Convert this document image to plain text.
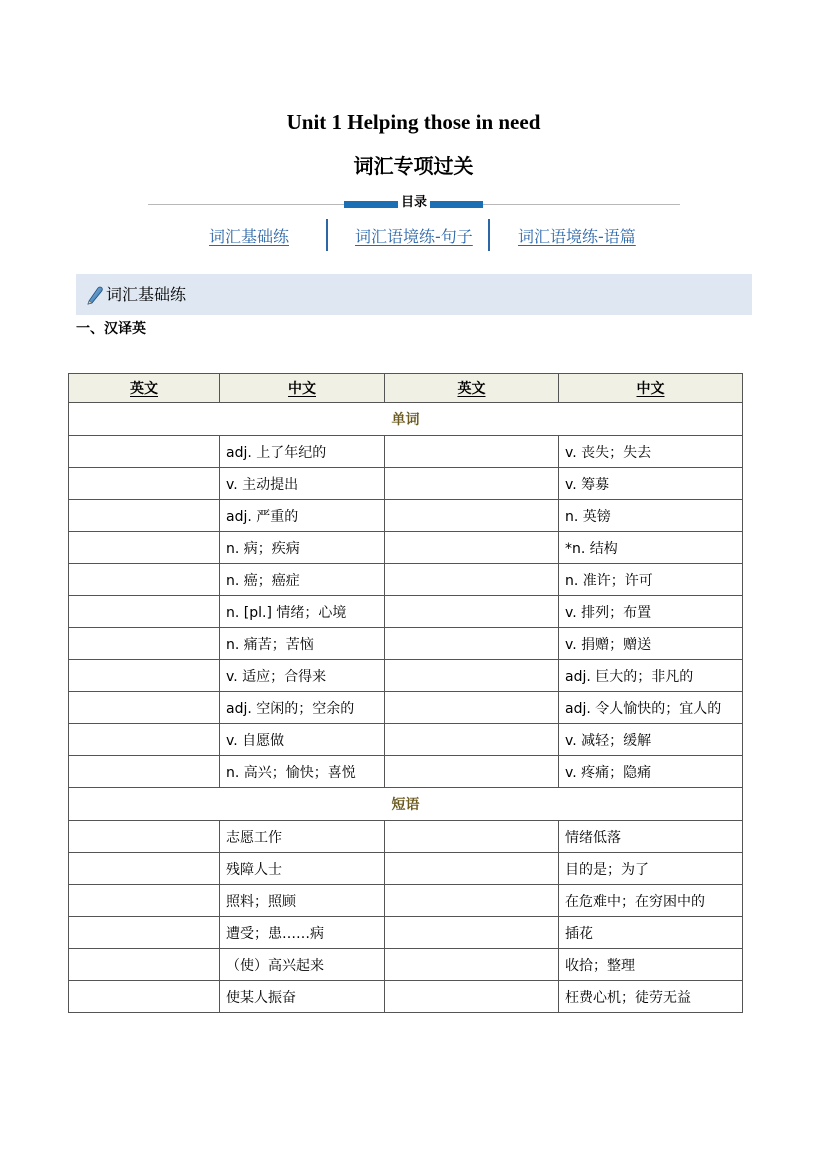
Unit 1 Helping those in need
词汇专项过关
目录
词汇基础练	词汇语境练-句子	词汇语境练-语篇
词汇基础练
一、汉译英
英文	中文	英文	中文
单词			
	adj. 上了年纪的		v. 丧失；失去
	v. 主动提出		v. 筹募
	adj. 严重的		n. 英镑
	n. 病；疾病		*n. 结构
	n. 癌；癌症		n. 准许；许可
	n. [pl.] 情绪；心境		v. 排列；布置
	n. 痛苦；苦恼		v. 捐赠；赠送
	v. 适应；合得来		adj. 巨大的；非凡的
	adj. 空闲的；空余的		adj. 令人愉快的；宜人的
	v. 自愿做		v. 减轻；缓解
	n. 高兴；愉快；喜悦		v. 疼痛；隐痛
短语			
	志愿工作		情绪低落
	残障人士		目的是；为了
	照料；照顾		在危难中；在穷困中的
	遭受；患……病		插花
	（使）高兴起来		收拾；整理
	使某人振奋		枉费心机；徒劳无益
